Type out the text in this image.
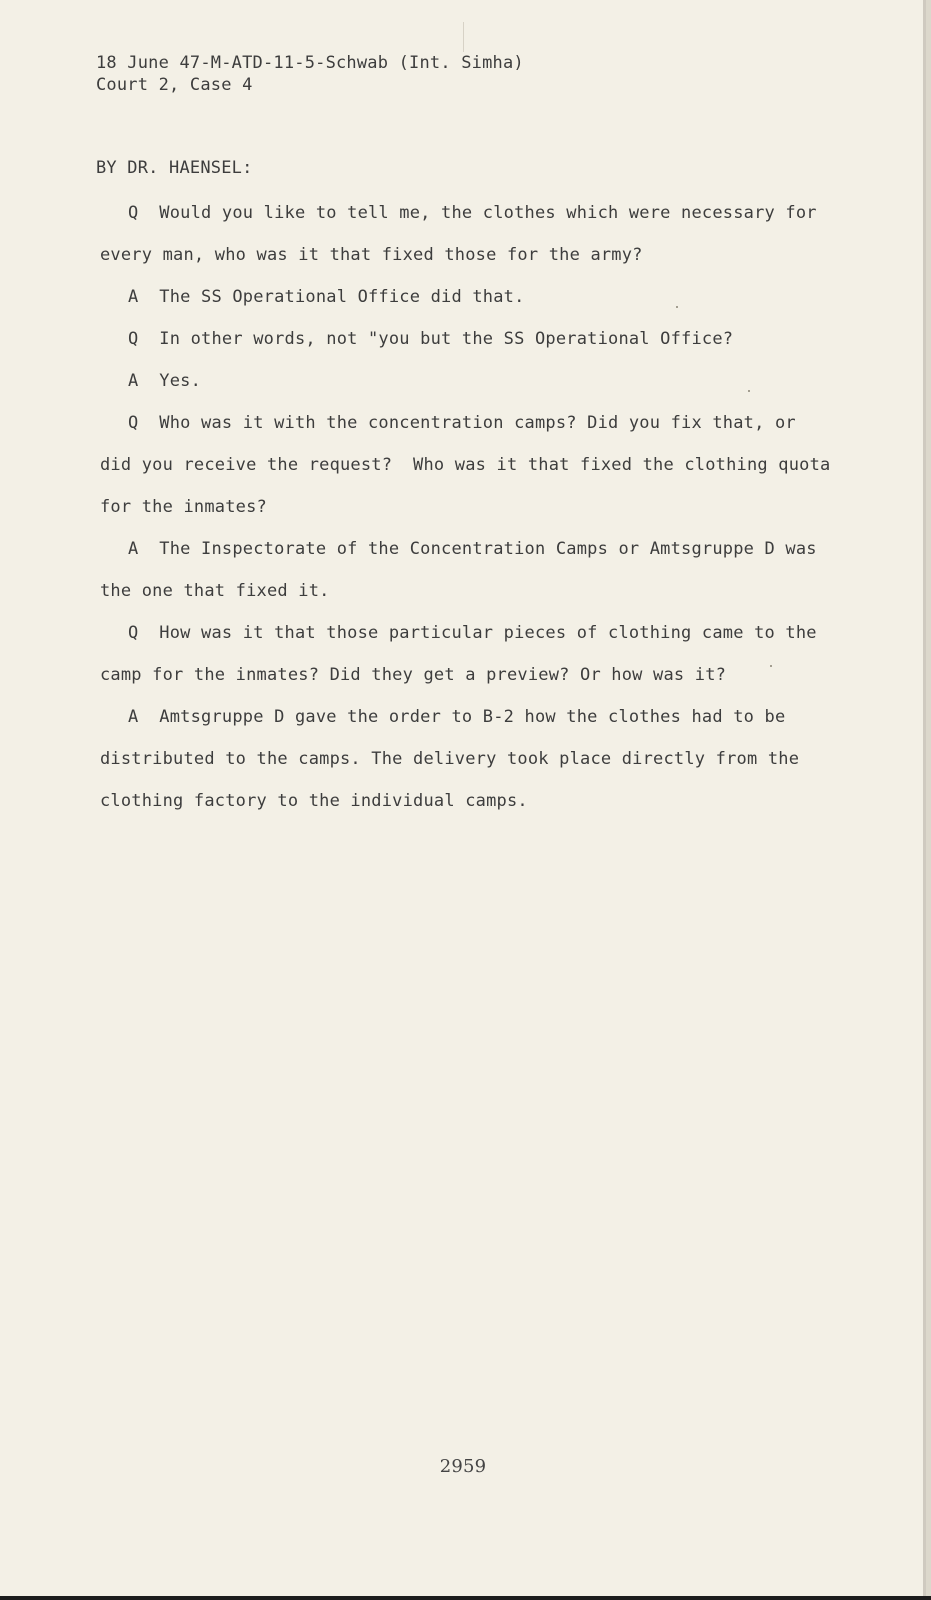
18 June 47-M-ATD-11-5-Schwab (Int. Simha)
Court 2, Case 4
BY DR. HAENSEL:
Q  Would you like to tell me, the clothes which were necessary for
every man, who was it that fixed those for the army?
A  The SS Operational Office did that.
Q  In other words, not "you but the SS Operational Office?
A  Yes.
Q  Who was it with the concentration camps? Did you fix that, or
did you receive the request?  Who was it that fixed the clothing quota
for the inmates?
A  The Inspectorate of the Concentration Camps or Amtsgruppe D was
the one that fixed it.
Q  How was it that those particular pieces of clothing came to the
camp for the inmates? Did they get a preview? Or how was it?
A  Amtsgruppe D gave the order to B-2 how the clothes had to be
distributed to the camps. The delivery took place directly from the
clothing factory to the individual camps.
2959
